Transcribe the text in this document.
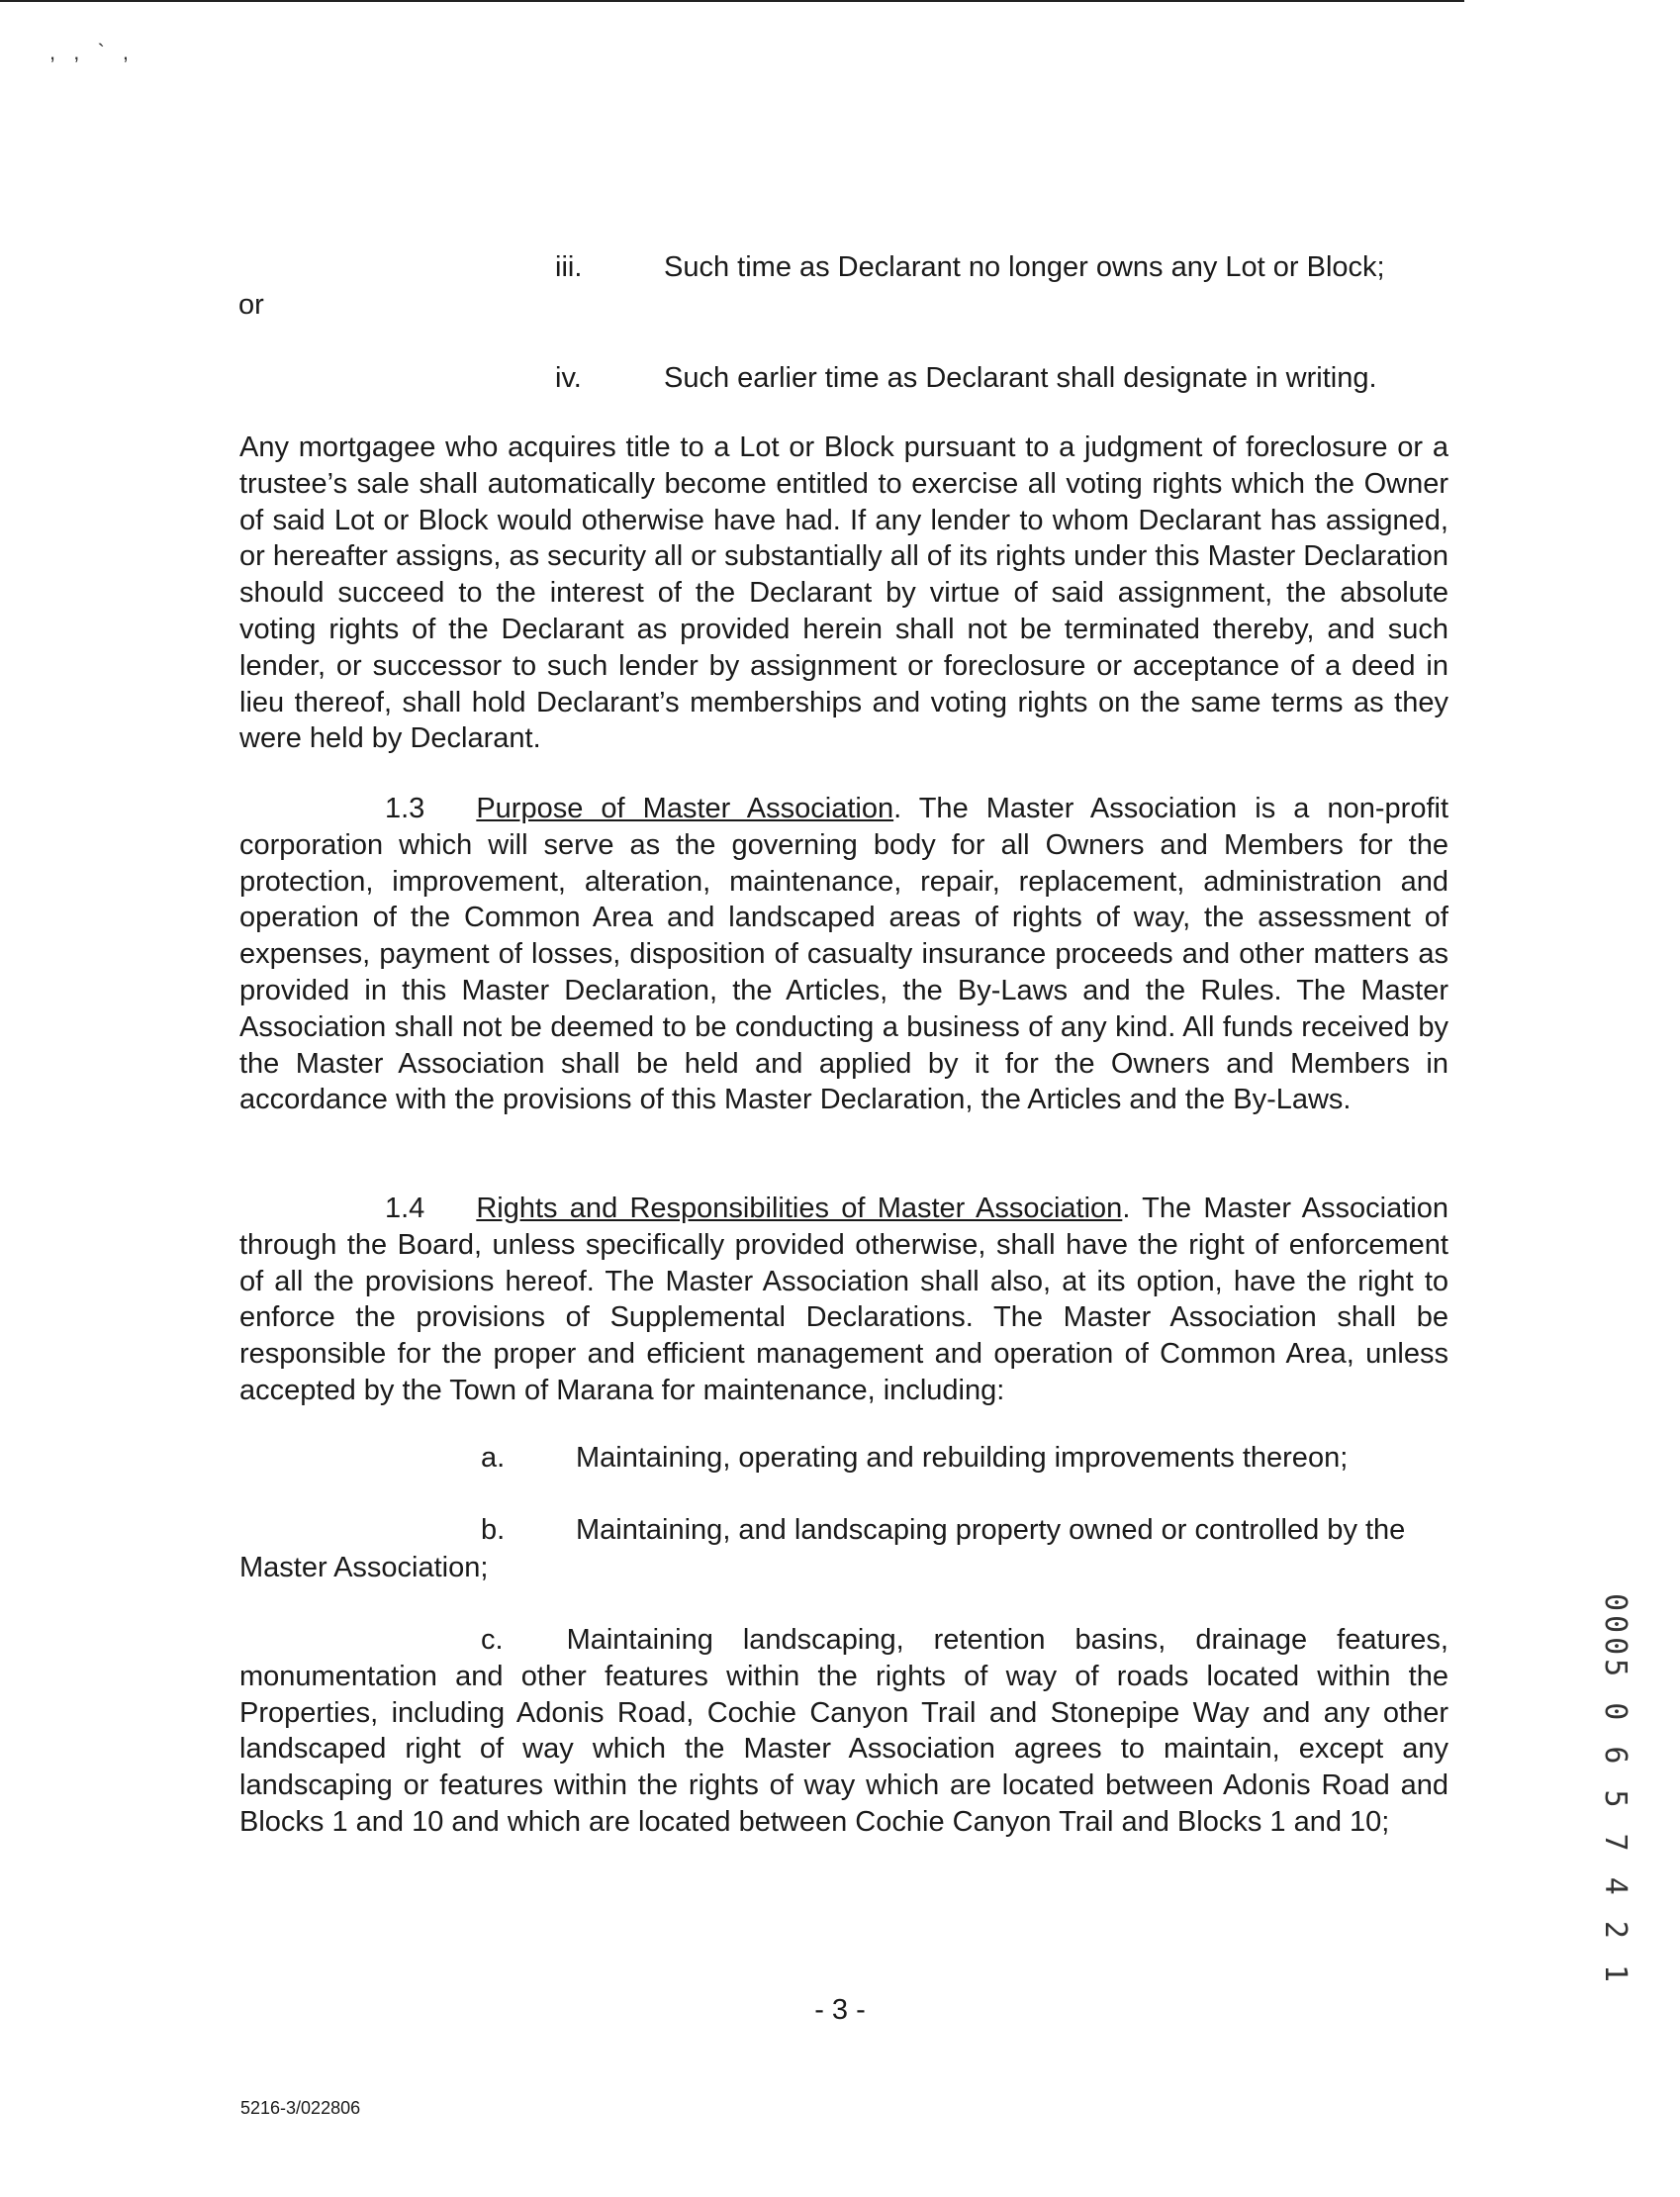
, , ` ,
iii.	Such time as Declarant no longer owns any Lot or Block;
or
iv.	Such earlier time as Declarant shall designate in writing.

Any mortgagee who acquires title to a Lot or Block pursuant to a judgment of foreclosure or a trustee’s sale shall automatically become entitled to exercise all voting rights which the Owner of said Lot or Block would otherwise have had. If any lender to whom Declarant has assigned, or hereafter assigns, as security all or substantially all of its rights under this Master Declaration should succeed to the interest of the Declarant by virtue of said assignment, the absolute voting rights of the Declarant as provided herein shall not be terminated thereby, and such lender, or successor to such lender by assignment or foreclosure or acceptance of a deed in lieu thereof, shall hold Declarant’s memberships and voting rights on the same terms as they were held by Declarant.

1.3 Purpose of Master Association. The Master Association is a non-profit corporation which will serve as the governing body for all Owners and Members for the protection, improvement, alteration, maintenance, repair, replacement, administration and operation of the Common Area and landscaped areas of rights of way, the assessment of expenses, payment of losses, disposition of casualty insurance proceeds and other matters as provided in this Master Declaration, the Articles, the By-Laws and the Rules. The Master Association shall not be deemed to be conducting a business of any kind. All funds received by the Master Association shall be held and applied by it for the Owners and Members in accordance with the provisions of this Master Declaration, the Articles and the By-Laws.

1.4 Rights and Responsibilities of Master Association. The Master Association through the Board, unless specifically provided otherwise, shall have the right of enforcement of all the provisions hereof. The Master Association shall also, at its option, have the right to enforce the provisions of Supplemental Declarations. The Master Association shall be responsible for the proper and efficient management and operation of Common Area, unless accepted by the Town of Marana for maintenance, including:

a. Maintaining, operating and rebuilding improvements thereon;
b. Maintaining, and landscaping property owned or controlled by the
Master Association;

c. Maintaining landscaping, retention basins, drainage features, monumentation and other features within the rights of way of roads located within the Properties, including Adonis Road, Cochie Canyon Trail and Stonepipe Way and any other landscaped right of way which the Master Association agrees to maintain, except any landscaping or features within the rights of way which are located between Adonis Road and Blocks 1 and 10 and which are located between Cochie Canyon Trail and Blocks 1 and 10;	0005 0 6 5 7 4 2 1
- 3 -
5216-3/022806
